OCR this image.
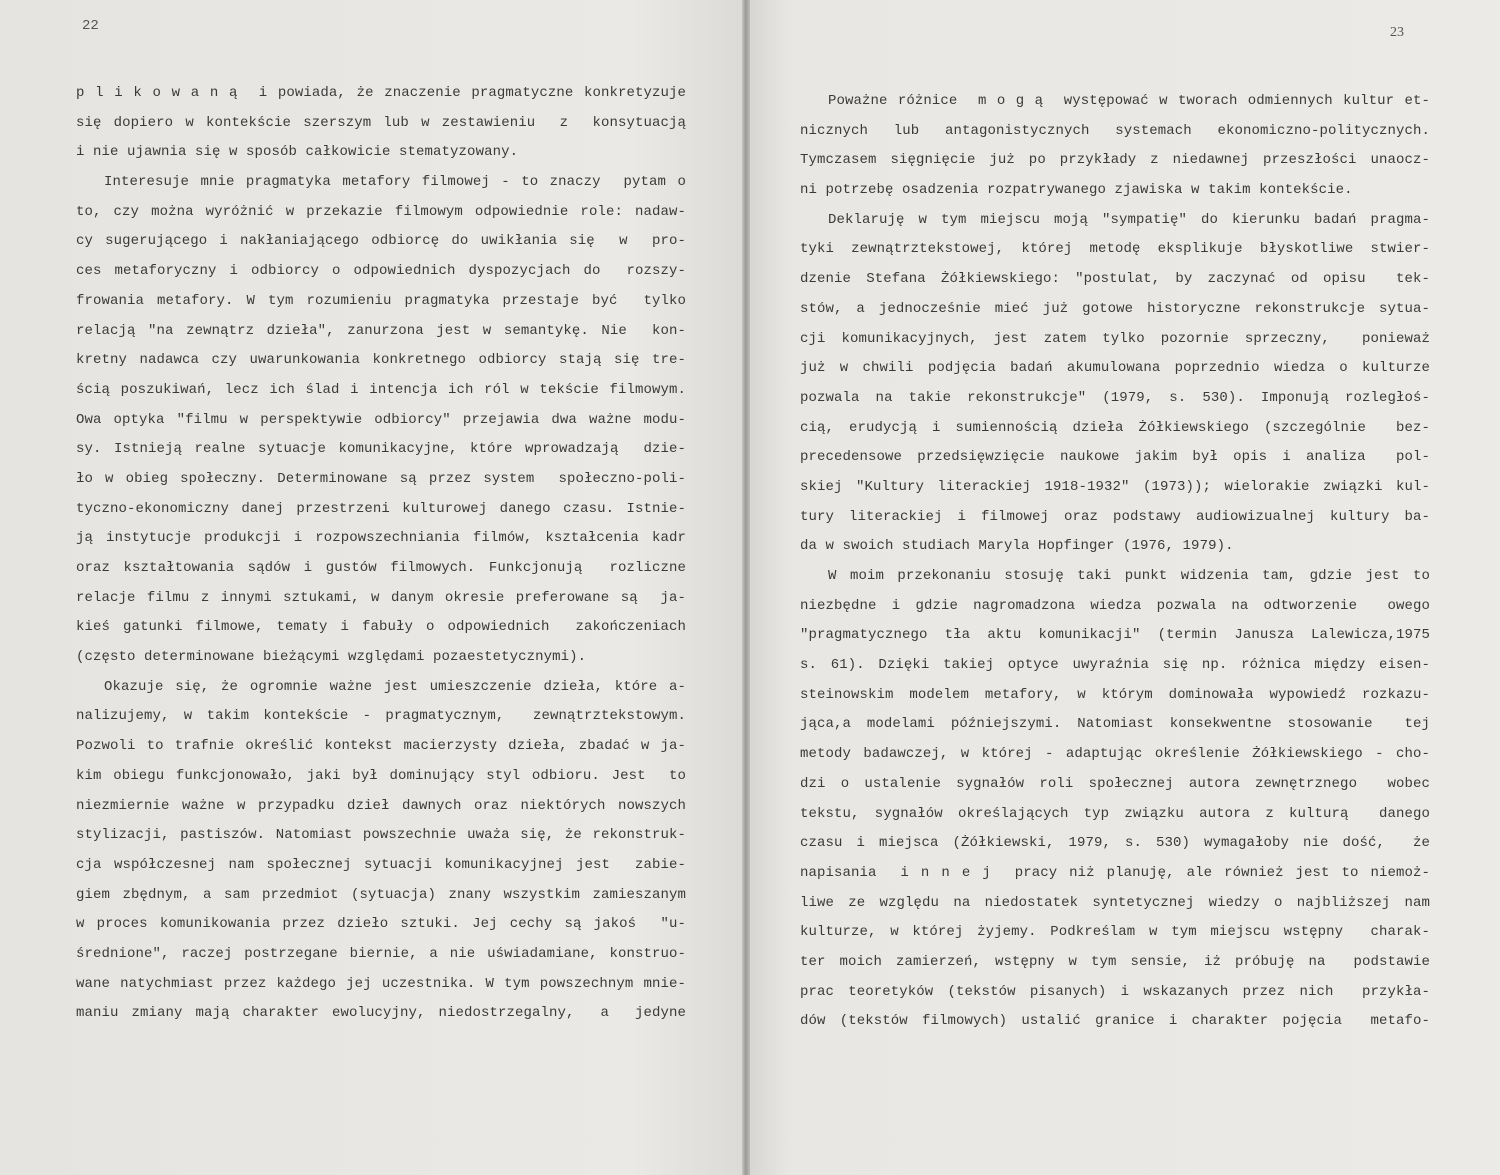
22
p l i k o w a n ą  i powiada, że znaczenie pragmatyczne konkretyzuje
się dopiero w kontekście szerszym lub w zestawieniu  z  konsytuacją
i nie ujawnia się w sposób całkowicie stematyzowany.
Interesuje mnie pragmatyka metafory filmowej - to znaczy  pytam o
to, czy można wyróżnić w przekazie filmowym odpowiednie role: nadaw-
cy sugerującego i nakłaniającego odbiorcę do uwikłania się  w  pro-
ces metaforyczny i odbiorcy o odpowiednich dyspozycjach do  rozszy-
frowania metafory. W tym rozumieniu pragmatyka przestaje być  tylko
relacją "na zewnątrz dzieła", zanurzona jest w semantykę. Nie  kon-
kretny nadawca czy uwarunkowania konkretnego odbiorcy stają się tre-
ścią poszukiwań, lecz ich ślad i intencja ich ról w tekście filmowym.
Owa optyka "filmu w perspektywie odbiorcy" przejawia dwa ważne modu-
sy. Istnieją realne sytuacje komunikacyjne, które wprowadzają  dzie-
ło w obieg społeczny. Determinowane są przez system  społeczno-poli-
tyczno-ekonomiczny danej przestrzeni kulturowej danego czasu. Istnie-
ją instytucje produkcji i rozpowszechniania filmów, kształcenia kadr
oraz kształtowania sądów i gustów filmowych. Funkcjonują  rozliczne
relacje filmu z innymi sztukami, w danym okresie preferowane są  ja-
kieś gatunki filmowe, tematy i fabuły o odpowiednich  zakończeniach
(często determinowane bieżącymi względami pozaestetycznymi).
Okazuje się, że ogromnie ważne jest umieszczenie dzieła, które a-
nalizujemy, w takim kontekście - pragmatycznym,  zewnątrztekstowym.
Pozwoli to trafnie określić kontekst macierzysty dzieła, zbadać w ja-
kim obiegu funkcjonowało, jaki był dominujący styl odbioru. Jest  to
niezmiernie ważne w przypadku dzieł dawnych oraz niektórych nowszych
stylizacji, pastiszów. Natomiast powszechnie uważa się, że rekonstruk-
cja współczesnej nam społecznej sytuacji komunikacyjnej jest  zabie-
giem zbędnym, a sam przedmiot (sytuacja) znany wszystkim zamieszanym
w proces komunikowania przez dzieło sztuki. Jej cechy są jakoś  "u-
średnione", raczej postrzegane biernie, a nie uświadamiane, konstruo-
wane natychmiast przez każdego jej uczestnika. W tym powszechnym mnie-
maniu zmiany mają charakter ewolucyjny, niedostrzegalny,  a  jedyne
Poważne różnice  m o g ą  występować w tworach odmiennych kultur et-
nicznych lub antagonistycznych systemach ekonomiczno-politycznych.
Tymczasem sięgnięcie już po przykłady z niedawnej przeszłości unaocz-
ni potrzebę osadzenia rozpatrywanego zjawiska w takim kontekście.
Deklaruję w tym miejscu moją "sympatię" do kierunku badań pragma-
tyki zewnątrztekstowej, której metodę eksplikuje błyskotliwe stwier-
dzenie Stefana Żółkiewskiego: "postulat, by zaczynać od opisu  tek-
stów, a jednocześnie mieć już gotowe historyczne rekonstrukcje sytua-
cji komunikacyjnych, jest zatem tylko pozornie sprzeczny,  ponieważ
już w chwili podjęcia badań akumulowana poprzednio wiedza o kulturze
pozwala na takie rekonstrukcje" (1979, s. 530). Imponują rozległoś-
cią, erudycją i sumiennością dzieła Żółkiewskiego (szczególnie  bez-
precedensowe przedsięwzięcie naukowe jakim był opis i analiza  pol-
skiej "Kultury literackiej 1918-1932" (1973)); wielorakie związki kul-
tury literackiej i filmowej oraz podstawy audiowizualnej kultury ba-
da w swoich studiach Maryla Hopfinger (1976, 1979).
W moim przekonaniu stosuję taki punkt widzenia tam, gdzie jest to
niezbędne i gdzie nagromadzona wiedza pozwala na odtworzenie  owego
"pragmatycznego tła aktu komunikacji" (termin Janusza Lalewicza,1975
s. 61). Dzięki takiej optyce uwyraźnia się np. różnica między eisen-
steinowskim modelem metafory, w którym dominowała wypowiedź rozkazu-
jąca,a modelami późniejszymi. Natomiast konsekwentne stosowanie  tej
metody badawczej, w której - adaptując określenie Żółkiewskiego - cho-
dzi o ustalenie sygnałów roli społecznej autora zewnętrznego  wobec
tekstu, sygnałów określających typ związku autora z kulturą  danego
czasu i miejsca (Żółkiewski, 1979, s. 530) wymagałoby nie dość,  że
napisania  i n n e j  pracy niż planuję, ale również jest to niemoż-
liwe ze względu na niedostatek syntetycznej wiedzy o najbliższej nam
kulturze, w której żyjemy. Podkreślam w tym miejscu wstępny  charak-
ter moich zamierzeń, wstępny w tym sensie, iż próbuję na  podstawie
prac teoretyków (tekstów pisanych) i wskazanych przez nich  przykła-
dów (tekstów filmowych) ustalić granice i charakter pojęcia  metafo-
23
